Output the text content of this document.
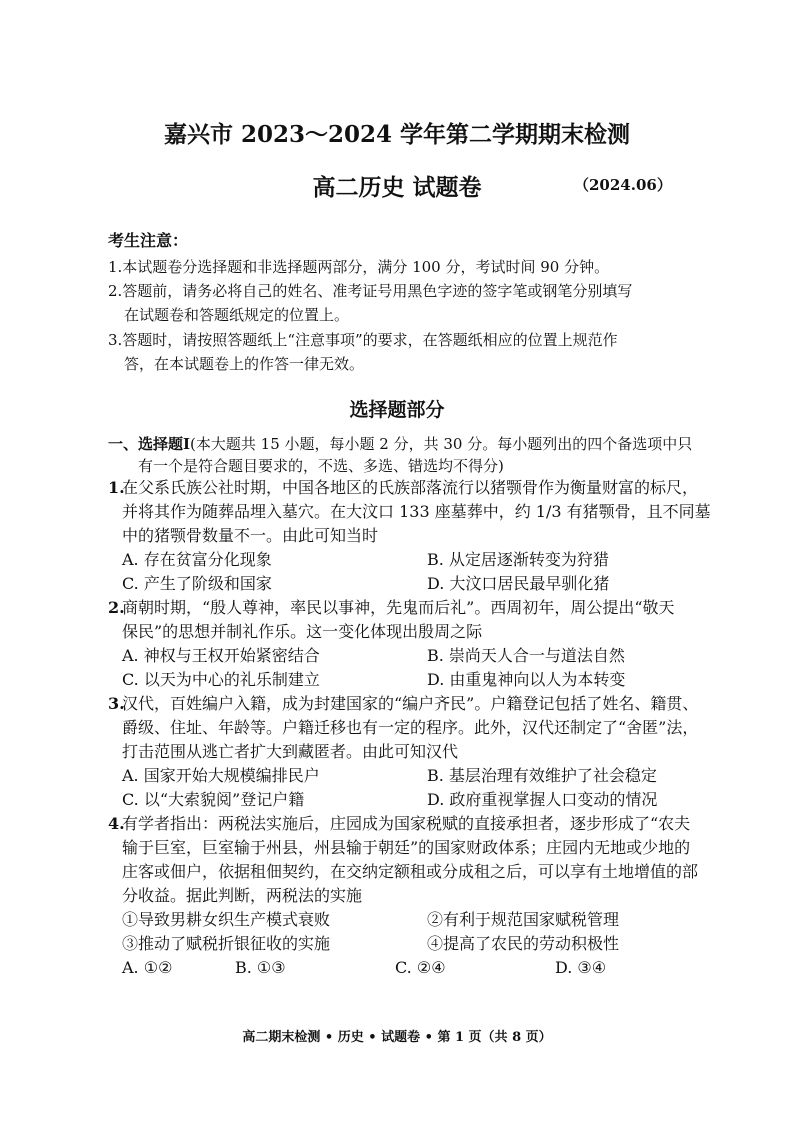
嘉兴市 2023～2024 学年第二学期期末检测
高二历史 试题卷	（2024.06）
考生注意：
1.本试题卷分选择题和非选择题两部分，满分 100 分，考试时间 90 分钟。
2.答题前，请务必将自己的姓名、准考证号用黑色字迹的签字笔或钢笔分别填写
在试题卷和答题纸规定的位置上。
3.答题时，请按照答题纸上“注意事项”的要求，在答题纸相应的位置上规范作
答，在本试题卷上的作答一律无效。
选择题部分
一、选择题Ⅰ(本大题共 15 小题，每小题 2 分，共 30 分。每小题列出的四个备选项中只
有一个是符合题目要求的，不选、多选、错选均不得分)
1.
在父系氏族公社时期，中国各地区的氏族部落流行以猪颚骨作为衡量财富的标尺，
并将其作为随葬品埋入墓穴。在大汶口 133 座墓葬中，约 1/3 有猪颚骨，且不同墓
中的猪颚骨数量不一。由此可知当时
A. 存在贫富分化现象	B. 从定居逐渐转变为狩猎
C. 产生了阶级和国家	D. 大汶口居民最早驯化猪
2.
商朝时期，“殷人尊神，率民以事神，先鬼而后礼”。西周初年，周公提出“敬天
保民”的思想并制礼作乐。这一变化体现出殷周之际
A. 神权与王权开始紧密结合	B. 崇尚天人合一与道法自然
C. 以天为中心的礼乐制建立	D. 由重鬼神向以人为本转变
3.
汉代，百姓编户入籍，成为封建国家的“编户齐民”。户籍登记包括了姓名、籍贯、
爵级、住址、年龄等。户籍迁移也有一定的程序。此外，汉代还制定了“舍匿”法，
打击范围从逃亡者扩大到藏匿者。由此可知汉代
A. 国家开始大规模编排民户	B. 基层治理有效维护了社会稳定
C. 以“大索貌阅”登记户籍	D. 政府重视掌握人口变动的情况
4.
有学者指出：两税法实施后，庄园成为国家税赋的直接承担者，逐步形成了“农夫
输于巨室，巨室输于州县，州县输于朝廷”的国家财政体系；庄园内无地或少地的
庄客或佃户，依据租佃契约，在交纳定额租或分成租之后，可以享有土地增值的部
分收益。据此判断，两税法的实施
①导致男耕女织生产模式衰败	②有利于规范国家赋税管理
③推动了赋税折银征收的实施	④提高了农民的劳动积极性
A. ①②	B. ①③	C. ②④	D. ③④
高二期末检测 • 历史 • 试题卷 • 第 1 页（共 8 页）
